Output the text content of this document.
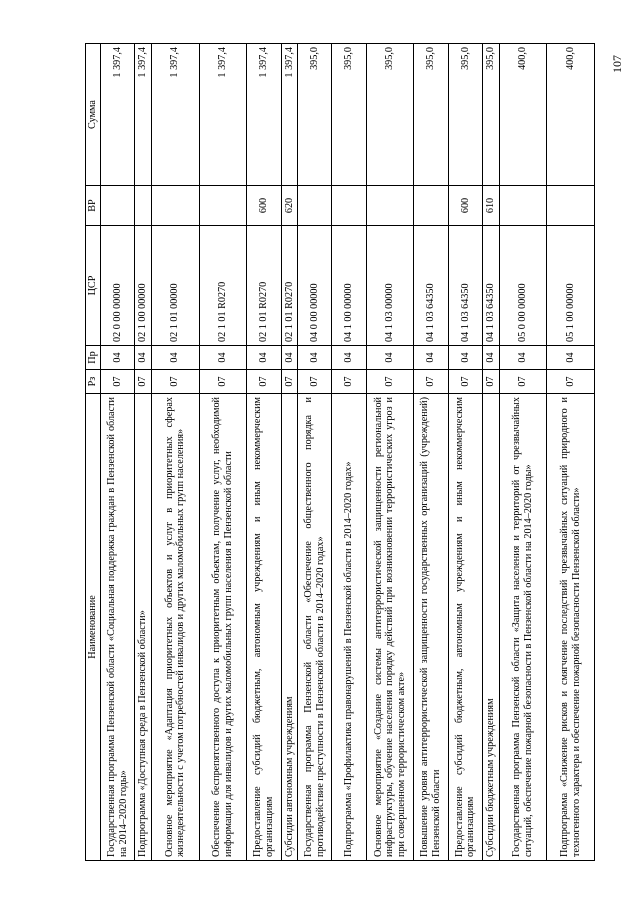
Наименование	Рз	Пр	ЦСР	ВР	Сумма
Государственная программа Пензенской области «Социальная поддержка граждан в Пензенской области на 2014–2020 годы»	07	04	02 0 00 00000		1 397,4
Подпрограмма «Доступная среда в Пензенской области»	07	04	02 1 00 00000		1 397,4
Основное мероприятие «Адаптация приоритетных объектов и услуг в приоритетных сферах жизнедеятельности с учетом потребностей инвалидов и других маломобильных групп населения»	07	04	02 1 01 00000		1 397,4
Обеспечение беспрепятственного доступа к приоритетным объектам, получение услуг, необходимой информации для инвалидов и других маломобильных групп населения в Пензенской области	07	04	02 1 01 R0270		1 397,4
Предоставление субсидий бюджетным, автономным учреждениям и иным некоммерческим организациям	07	04	02 1 01 R0270	600	1 397,4
Субсидии автономным учреждениям	07	04	02 1 01 R0270	620	1 397,4
Государственная программа Пензенской области «Обеспечение общественного порядка и противодействие преступности в Пензенской области в 2014–2020 годах»	07	04	04 0 00 00000		395,0
Подпрограмма «Профилактика правонарушений в Пензенской области в 2014–2020 годах»	07	04	04 1 00 00000		395,0
Основное мероприятие «Создание системы антитеррористической защищенности региональной инфраструктуры, обучение населения порядку действий при возникновении террористических угроз и при совершенном террористическом акте»	07	04	04 1 03 00000		395,0
Повышение уровня антитеррористической защищенности государственных организаций (учреждений) Пензенской области	07	04	04 1 03 64350		395,0
Предоставление субсидий бюджетным, автономным учреждениям и иным некоммерческим организациям	07	04	04 1 03 64350	600	395,0
Субсидии бюджетным учреждениям	07	04	04 1 03 64350	610	395,0
Государственная программа Пензенской области «Защита населения и территорий от чрезвычайных ситуаций, обеспечение пожарной безопасности в Пензенской области на 2014–2020 годы»	07	04	05 0 00 00000		400,0
Подпрограмма «Снижение рисков и смягчение последствий чрезвычайных ситуаций природного и техногенного характера и обеспечение пожарной безопасности Пензенской области»	07	04	05 1 00 00000		400,0	107
